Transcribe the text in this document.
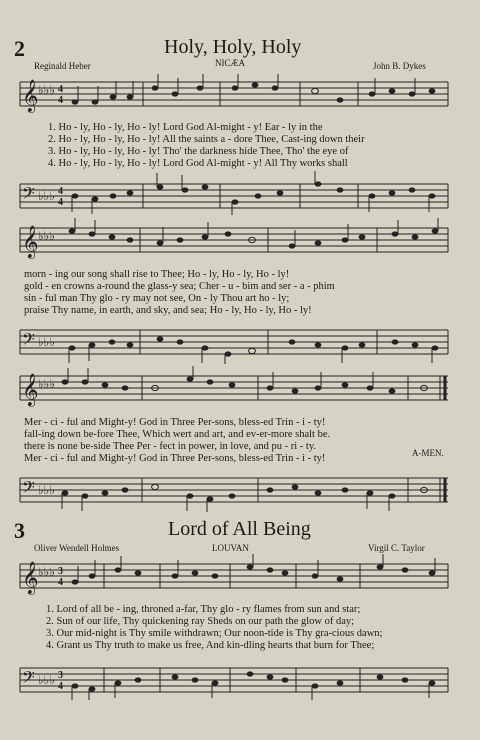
2	Holy, Holy, Holy
Reginald Heber	NICÆA	John B. Dykes
𝄞 ♭♭♭ 4
4
1. Ho - ly, Ho - ly, Ho - ly! Lord God Al-might - y! Ear - ly in the
2. Ho - ly, Ho - ly, Ho - ly! All the saints a - dore Thee, Cast-ing down their
3. Ho - ly, Ho - ly, Ho - ly! Tho' the darkness hide Thee, Tho' the eye of
4. Ho - ly, Ho - ly, Ho - ly! Lord God Al-might - y! All Thy works shall
𝄢 ♭♭♭ 4
4
𝄞 ♭♭♭
morn - ing our song shall rise to Thee; Ho - ly, Ho - ly, Ho - ly!
gold - en crowns a-round the glass-y sea; Cher - u - bim and ser - a - phim
sin - ful man Thy glo - ry may not see, On - ly Thou art ho - ly;
praise Thy name, in earth, and sky, and sea; Ho - ly, Ho - ly, Ho - ly!
𝄢 ♭♭♭
𝄞 ♭♭♭
Mer - ci - ful and Might-y! God in Three Per-sons, bless-ed Trin - i - ty!
fall-ing down be-fore Thee, Which wert and art, and ev-er-more shalt be.
there is none be-side Thee Per - fect in power, in love, and pu - ri - ty.
Mer - ci - ful and Might-y! God in Three Per-sons, bless-ed Trin - i - ty!	A-MEN.
𝄢 ♭♭♭
3	Lord of All Being
Oliver Wendell Holmes	LOUVAN	Virgil C. Taylor
𝄞 ♭♭♭ 3
4
1. Lord of all be - ing, throned a-far, Thy glo - ry flames from sun and star;
2. Sun of our life, Thy quickening ray Sheds on our path the glow of day;
3. Our mid-night is Thy smile withdrawn; Our noon-tide is Thy gra-cious dawn;
4. Grant us Thy truth to make us free, And kin-dling hearts that burn for Thee;
𝄢 ♭♭♭ 3
4
